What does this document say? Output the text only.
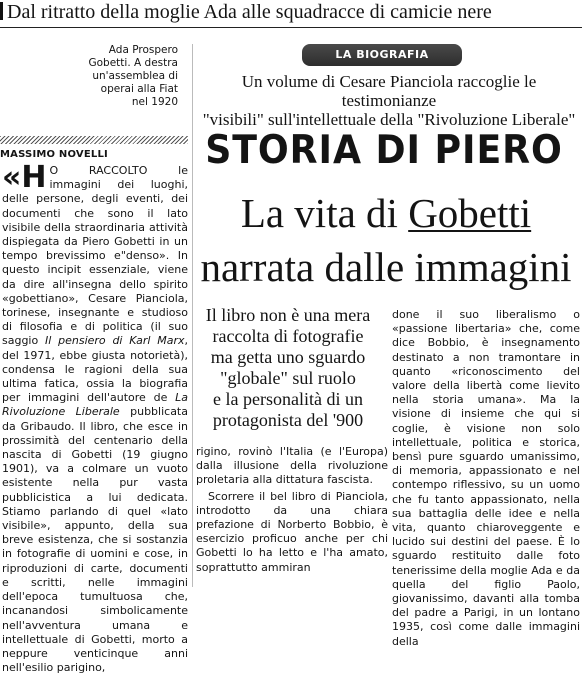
Dal ritratto della moglie Ada alle squadracce di camicie nere
Ada Prospero
Gobetti. A destra
un'assemblea di
operai alla Fiat
nel 1920
MASSIMO NOVELLI
LA BIOGRAFIA
Un volume di Cesare Pianciola raccoglie le testimonianze
"visibili" sull'intellettuale della "Rivoluzione Liberale"
STORIA DI PIERO
La vita di Gobetti
narrata dalle immagini
Il libro non è una mera
raccolta di fotografie
ma getta uno sguardo
"globale" sul ruolo
e la personalità di un
protagonista del '900

«H O RACCOLTO le immagini dei luoghi, delle persone, degli eventi, dei documenti che sono il lato visibile della straordinaria attività dispiegata da Piero Gobetti in un tempo brevissimo e"denso». In questo incipit essenziale, viene da dire all'insegna dello spirito «gobettiano», Cesare Pianciola, torinese, insegnante e studioso di filosofia e di politica (il suo saggio Il pensiero di Karl Marx, del 1971, ebbe giusta notorietà), condensa le ragioni della sua ultima fatica, ossia la biografia per immagini dell'autore de La Rivoluzione Liberale pubblicata da Gribaudo. Il libro, che esce in prossimità del centenario della nascita di Gobetti (19 giugno 1901), va a colmare un vuoto esistente nella pur vasta pubblicistica a lui dedicata. Stiamo parlando di quel «lato visibile», appunto, della sua breve esistenza, che si sostanzia in fotografie di uomini e cose, in riproduzioni di carte, documenti e scritti, nelle immagini dell'epoca tumultuosa che, incanandosi simbolicamente nell'avventura umana e intellettuale di Gobetti, morto a neppure venticinque anni nell'esilio parigino,

rigino, rovinò l'Italia (e l'Europa) dalla illusione della rivoluzione proletaria alla dittatura fascista.

Scorrere il bel libro di Pianciola, introdotto da una chiara prefazione di Norberto Bobbio, è esercizio proficuo anche per chi Gobetti lo ha letto e l'ha amato, soprattutto ammiran

done il suo liberalismo o «passione libertaria» che, come dice Bobbio, è insegnamento destinato a non tramontare in quanto «riconoscimento del valore della libertà come lievito nella storia umana». Ma la visione di insieme che qui si coglie, è visione non solo intellettuale, politica e storica, bensì pure sguardo umanissimo, di memoria, appassionato e nel contempo riflessivo, su un uomo che fu tanto appassionato, nella sua battaglia delle idee e nella vita, quanto chiaroveggente e lucido sui destini del paese. È lo sguardo restituito dalle foto tenerissime della moglie Ada e da quella del figlio Paolo, giovanissimo, davanti alla tomba del padre a Parigi, in un lontano 1935, così come dalle immagini della
